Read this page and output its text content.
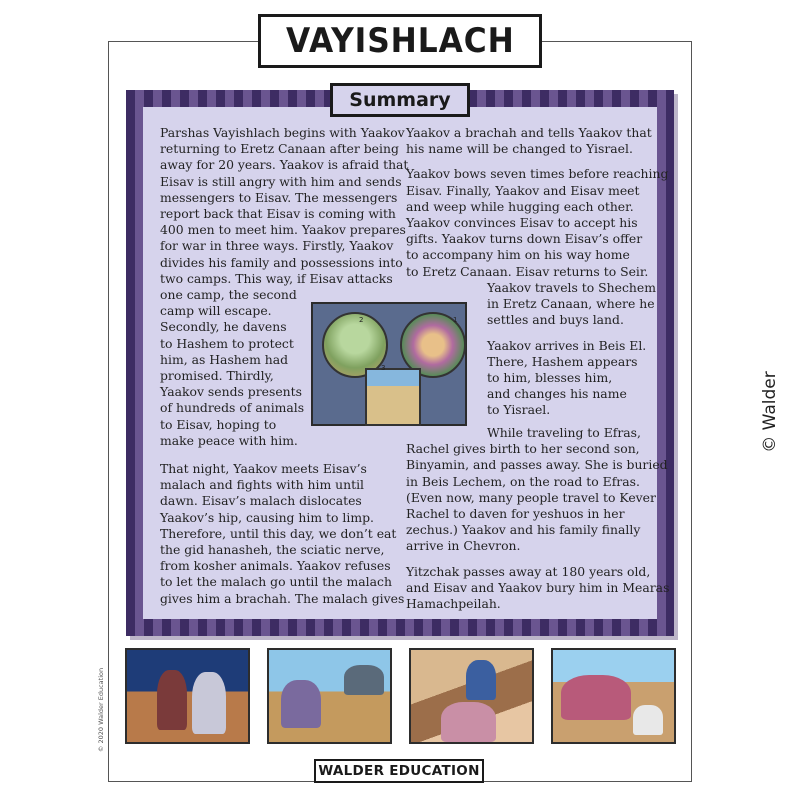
VAYISHLACH
Summary

Parshas Vayishlach begins with Yaakov
returning to Eretz Canaan after being
away for 20 years. Yaakov is afraid that
Eisav is still angry with him and sends
messengers to Eisav. The messengers
report back that Eisav is coming with
400 men to meet him. Yaakov prepares
for war in three ways. Firstly, Yaakov
divides his family and possessions into
two camps. This way, if Eisav attacks
one camp, the second
camp will escape.
Secondly, he davens
to Hashem to protect
him, as Hashem had
promised. Thirdly,
Yaakov sends presents
of hundreds of animals
to Eisav, hoping to
make peace with him.

That night, Yaakov meets Eisav’s
malach and fights with him until
dawn. Eisav’s malach dislocates
Yaakov’s hip, causing him to limp.
Therefore, until this day, we don’t eat
the gid hanasheh, the sciatic nerve,
from kosher animals. Yaakov refuses
to let the malach go until the malach
gives him a brachah. The malach gives

Yaakov a brachah and tells Yaakov that
his name will be changed to Yisrael.

Yaakov bows seven times before reaching
Eisav. Finally, Yaakov and Eisav meet
and weep while hugging each other.
Yaakov convinces Eisav to accept his
gifts. Yaakov turns down Eisav’s offer
to accompany him on his way home
to Eretz Canaan. Eisav returns to Seir.

Yaakov travels to Shechem
in Eretz Canaan, where he
settles and buys land.

Yaakov arrives in Beis El.
There, Hashem appears
to him, blesses him,
and changes his name
to Yisrael.

While traveling to Efras,
Rachel gives birth to her second son,
Binyamin, and passes away. She is buried
in Beis Lechem, on the road to Efras.
(Even now, many people travel to Kever
Rachel to daven for yeshuos in her
zechus.) Yaakov and his family finally
arrive in Chevron.

Yitzchak passes away at 180 years old,
and Eisav and Yaakov bury him in Mearas
Hamachpeilah.

2	1
3
WALDER EDUCATION
© Walder
© 2020 Walder Education
